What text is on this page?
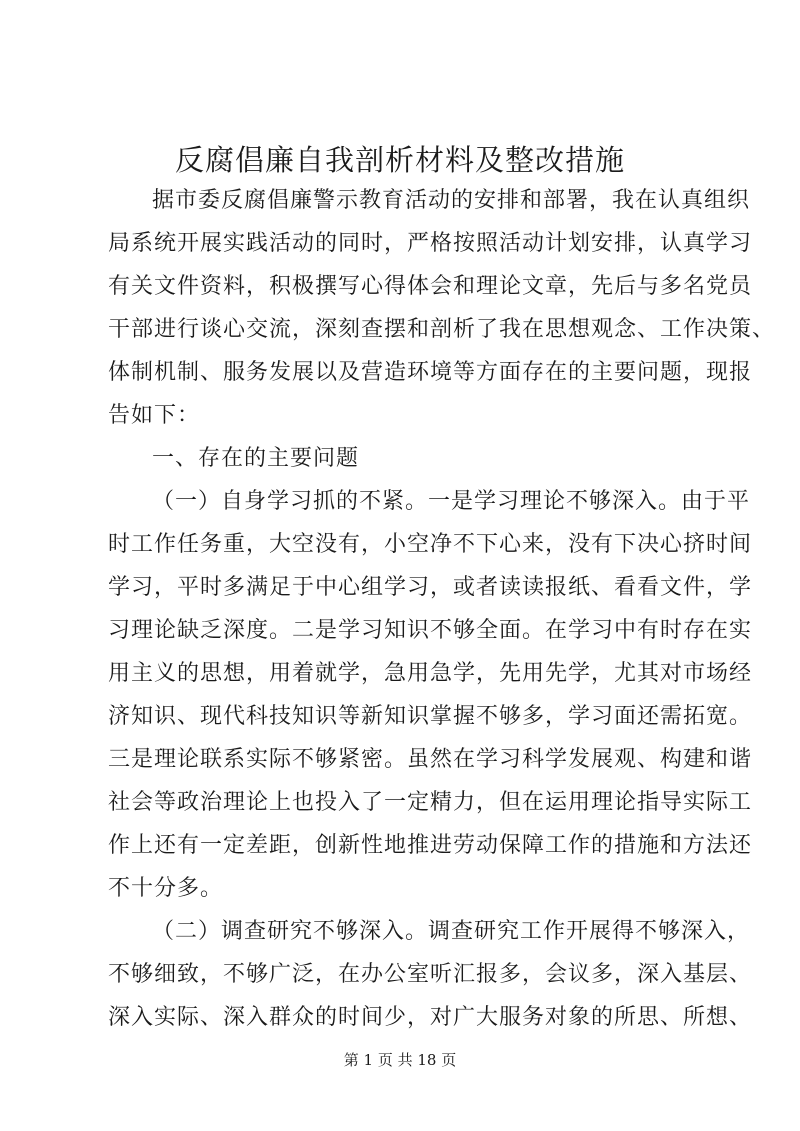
反腐倡廉自我剖析材料及整改措施
据市委反腐倡廉警示教育活动的安排和部署，我在认真组织
局系统开展实践活动的同时，严格按照活动计划安排，认真学习
有关文件资料，积极撰写心得体会和理论文章，先后与多名党员
干部进行谈心交流，深刻查摆和剖析了我在思想观念、工作决策、
体制机制、服务发展以及营造环境等方面存在的主要问题，现报
告如下：
一、存在的主要问题
（一）自身学习抓的不紧。一是学习理论不够深入。由于平
时工作任务重，大空没有，小空净不下心来，没有下决心挤时间
学习，平时多满足于中心组学习，或者读读报纸、看看文件，学
习理论缺乏深度。二是学习知识不够全面。在学习中有时存在实
用主义的思想，用着就学，急用急学，先用先学，尤其对市场经
济知识、现代科技知识等新知识掌握不够多，学习面还需拓宽。
三是理论联系实际不够紧密。虽然在学习科学发展观、构建和谐
社会等政治理论上也投入了一定精力，但在运用理论指导实际工
作上还有一定差距，创新性地推进劳动保障工作的措施和方法还
不十分多。
（二）调查研究不够深入。调查研究工作开展得不够深入，
不够细致，不够广泛，在办公室听汇报多，会议多，深入基层、
深入实际、深入群众的时间少，对广大服务对象的所思、所想、
第 1 页 共 18 页
